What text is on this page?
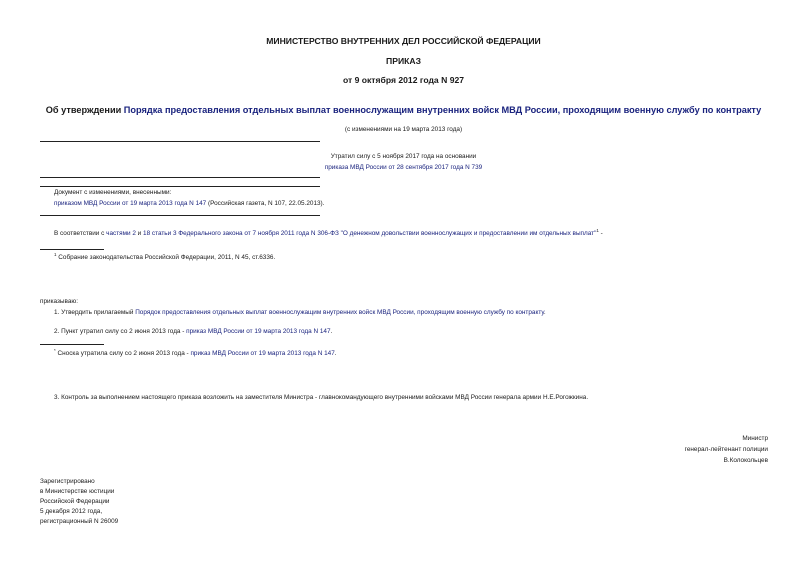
МИНИСТЕРСТВО ВНУТРЕННИХ ДЕЛ РОССИЙСКОЙ ФЕДЕРАЦИИ
ПРИКАЗ
от 9 октября 2012 года N 927
Об утверждении Порядка предоставления отдельных выплат военнослужащим внутренних войск МВД России, проходящим военную службу по контракту
(с изменениями на 19 марта 2013 года)
Утратил силу с 5 ноября 2017 года на основании
приказа МВД России от 28 сентября 2017 года N 739
Документ с изменениями, внесенными:
приказом МВД России от 19 марта 2013 года N 147 (Российская газета, N 107, 22.05.2013).
В соответствии с частями 2 и 18 статьи 3 Федерального закона от 7 ноября 2011 года N 306-ФЗ "О денежном довольствии военнослужащих и предоставлении им отдельных выплат"$^1$ -
$^1$ Собрание законодательства Российской Федерации, 2011, N 45, ст.6336.
приказываю:
1. Утвердить прилагаемый Порядок предоставления отдельных выплат военнослужащим внутренних войск МВД России, проходящим военную службу по контракту.
2. Пункт утратил силу со 2 июня 2013 года - приказ МВД России от 19 марта 2013 года N 147.
* Сноска утратила силу со 2 июня 2013 года - приказ МВД России от 19 марта 2013 года N 147.
3. Контроль за выполнением настоящего приказа возложить на заместителя Министра - главнокомандующего внутренними войсками МВД России генерала армии Н.Е.Рогожкина.
Министр
генерал-лейтенант полиции
В.Колокольцев
Зарегистрировано
в Министерстве юстиции
Российской Федерации
5 декабря 2012 года,
регистрационный N 26009
